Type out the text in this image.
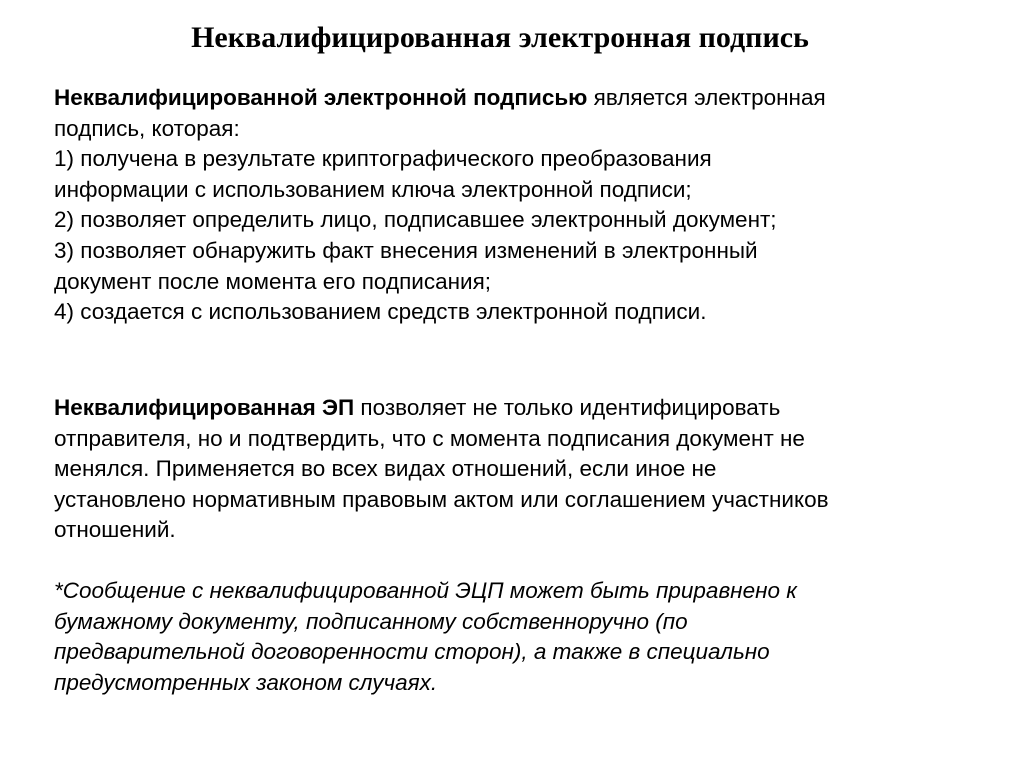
Неквалифицированная электронная подпись
Неквалифицированной электронной подписью является электронная
подпись, которая:
1) получена в результате криптографического преобразования
информации с использованием ключа электронной подписи;
2) позволяет определить лицо, подписавшее электронный документ;
3) позволяет обнаружить факт внесения изменений в электронный
документ после момента его подписания;
4) создается с использованием средств электронной подписи.
Неквалифицированная ЭП позволяет не только идентифицировать
отправителя, но и подтвердить, что с момента подписания документ не
менялся. Применяется во всех видах отношений, если иное не
установлено нормативным правовым актом или соглашением участников
отношений.
*Сообщение с неквалифицированной ЭЦП может быть приравнено к
бумажному документу, подписанному собственноручно (по
предварительной договоренности сторон), а также в специально
предусмотренных законом случаях.
